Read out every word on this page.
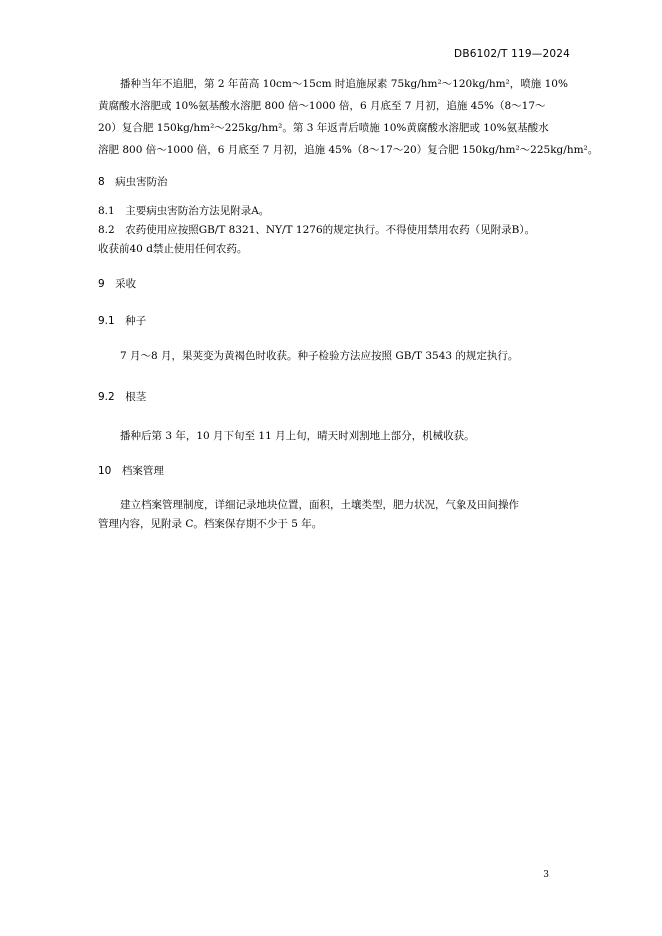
DB6102/T 119—2024
播种当年不追肥，第 2 年苗高 10cm～15cm 时追施尿素 75kg/hm²～120kg/hm²，喷施 10%
黄腐酸水溶肥或 10%氨基酸水溶肥 800 倍～1000 倍，6 月底至 7 月初，追施 45%（8～17～
20）复合肥 150kg/hm²～225kg/hm²。第 3 年返青后喷施 10%黄腐酸水溶肥或 10%氨基酸水
溶肥 800 倍～1000 倍，6 月底至 7 月初，追施 45%（8～17～20）复合肥 150kg/hm²～225kg/hm²。
8　病虫害防治
8.1　主要病虫害防治方法见附录A。
8.2　农药使用应按照GB/T 8321、NY/T 1276的规定执行。不得使用禁用农药（见附录B）。
收获前40 d禁止使用任何农药。
9　采收
9.1　种子
7 月～8 月，果荚变为黄褐色时收获。种子检验方法应按照 GB/T 3543 的规定执行。
9.2　根茎
播种后第 3 年，10 月下旬至 11 月上旬，晴天时刈割地上部分，机械收获。
10　档案管理
建立档案管理制度，详细记录地块位置，面积，土壤类型，肥力状况，气象及田间操作
管理内容，见附录 C。档案保存期不少于 5 年。
3
